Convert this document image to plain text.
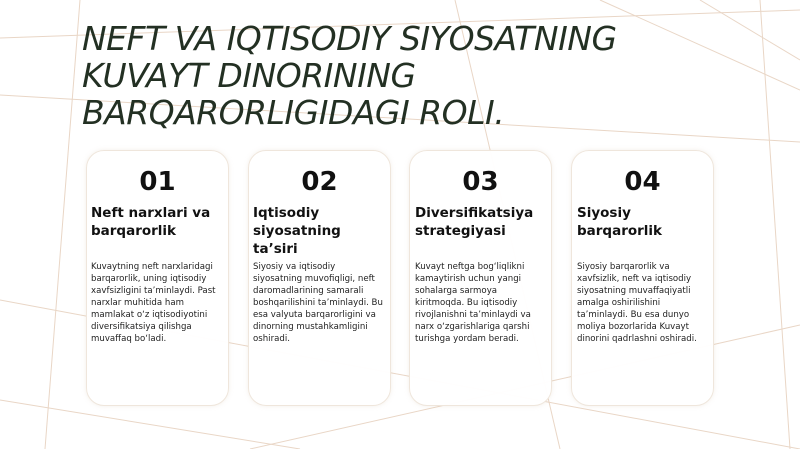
NEFT VA IQTISODIY SIYOSATNING KUVAYT DINORINING BARQARORLIGIDAGI ROLI.
01	02	03	04
Neft narxlari va barqarorlik
Iqtisodiy siyosatning ta’siri
Diversifikatsiya strategiyasi
Siyosiy barqarorlik
Kuvaytning neft narxlaridagi barqarorlik, uning iqtisodiy xavfsizligini ta’minlaydi. Past narxlar muhitida ham mamlakat o‘z iqtisodiyotini diversifikatsiya qilishga muvaffaq bo‘ladi.
Siyosiy va iqtisodiy siyosatning muvofiqligi, neft daromadlarining samarali boshqarilishini ta’minlaydi. Bu esa valyuta barqarorligini va dinorning mustahkamligini oshiradi.
Kuvayt neftga bog‘liqlikni kamaytirish uchun yangi sohalarga sarmoya kiritmoqda. Bu iqtisodiy rivojlanishni ta’minlaydi va narx o‘zgarishlariga qarshi turishga yordam beradi.
Siyosiy barqarorlik va xavfsizlik, neft va iqtisodiy siyosatning muvaffaqiyatli amalga oshirilishini ta’minlaydi. Bu esa dunyo moliya bozorlarida Kuvayt dinorini qadrlashni oshiradi.
